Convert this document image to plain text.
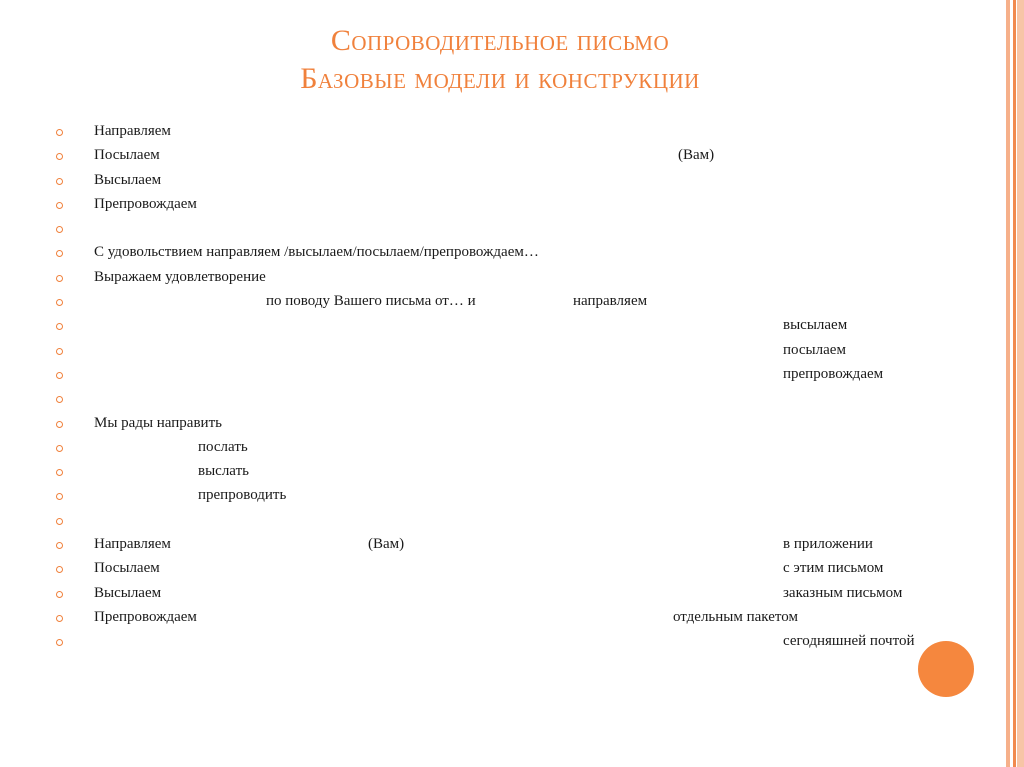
Сопроводительное письмо
Базовые модели и конструкции
Направляем
Посылаем	(Вам)
Высылаем
Препровождаем
С удовольствием направляем /высылаем/посылаем/препровождаем…
Выражаем удовлетворение
по поводу Вашего письма от… и	направляем
высылаем
посылаем
препровождаем
Мы рады направить
послать
выслать
препроводить
Направляем	(Вам)	в приложении
Посылаем	с этим письмом
Высылаем	заказным письмом
Препровождаем	отдельным пакетом
сегодняшней почтой
